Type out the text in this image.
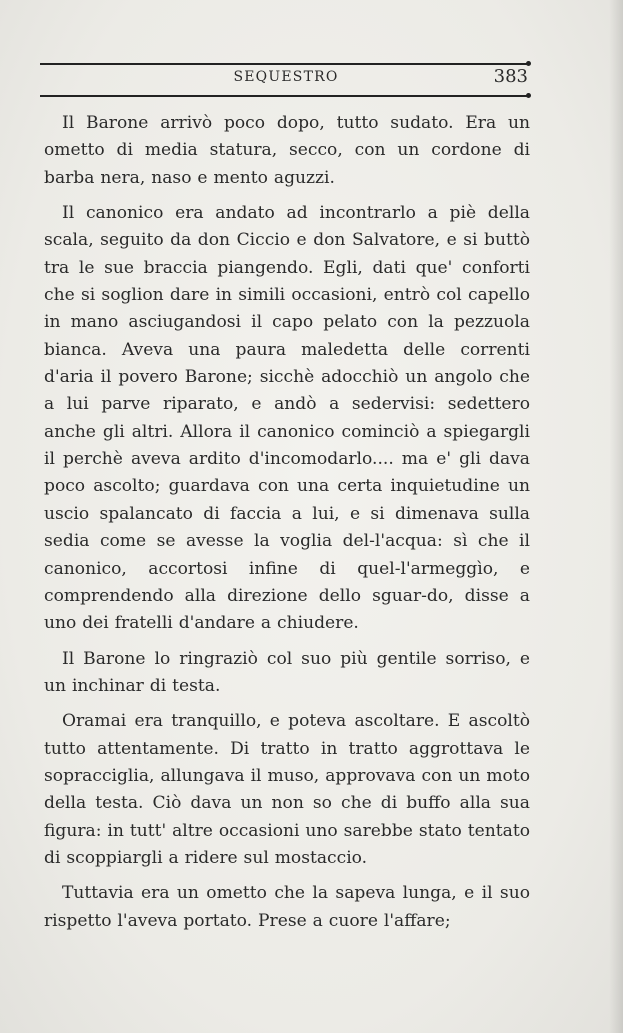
SEQUESTRO	383

Il Barone arrivò poco dopo, tutto sudato. Era un ometto di media statura, secco, con un cordone di barba nera, naso e mento aguzzi.

Il canonico era andato ad incontrarlo a piè della scala, seguito da don Ciccio e don Salvatore, e si buttò tra le sue braccia piangendo. Egli, dati que' conforti che si soglion dare in simili occasioni, entrò col capello in mano asciugandosi il capo pelato con la pezzuola bianca. Aveva una paura maledetta delle correnti d'aria il povero Barone; sicchè adocchiò un angolo che a lui parve riparato, e andò a sedervisi: sedettero anche gli altri. Allora il canonico cominciò a spiegargli il perchè aveva ardito d'incomodarlo.... ma e' gli dava poco ascolto; guardava con una certa inquietudine un uscio spalancato di faccia a lui, e si dimenava sulla sedia come se avesse la voglia del-l'acqua: sì che il canonico, accortosi infine di quel-l'armeggìo, e comprendendo alla direzione dello sguar-do, disse a uno dei fratelli d'andare a chiudere.

Il Barone lo ringraziò col suo più gentile sorriso, e un inchinar di testa.

Oramai era tranquillo, e poteva ascoltare. E ascoltò tutto attentamente. Di tratto in tratto aggrottava le sopracciglia, allungava il muso, approvava con un moto della testa. Ciò dava un non so che di buffo alla sua figura: in tutt' altre occasioni uno sarebbe stato tentato di scoppiargli a ridere sul mostaccio.

Tuttavia era un ometto che la sapeva lunga, e il suo rispetto l'aveva portato. Prese a cuore l'affare;
